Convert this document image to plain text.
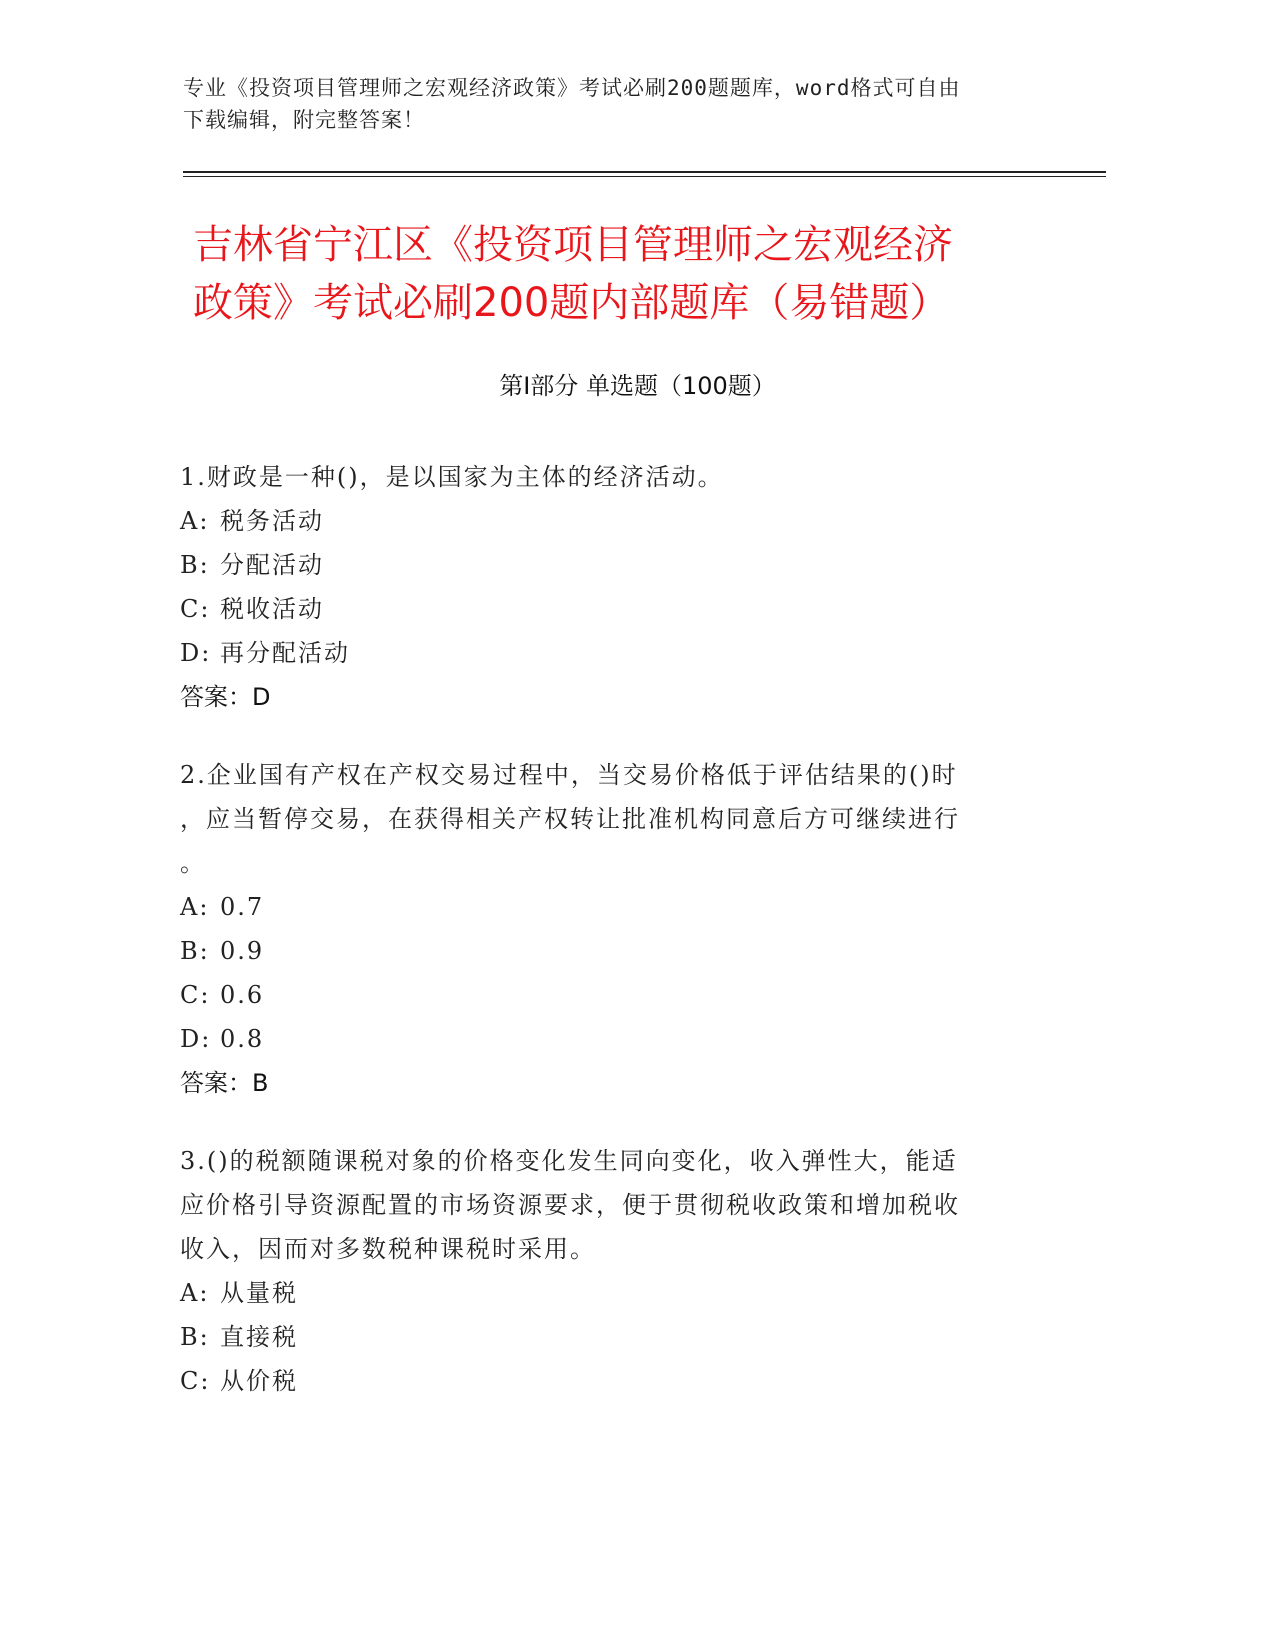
专业《投资项目管理师之宏观经济政策》考试必刷200题题库，word格式可自由
下载编辑，附完整答案！
吉林省宁江区《投资项目管理师之宏观经济
政策》考试必刷200题内部题库（易错题）
第Ⅰ部分 单选题（100题）
1.财政是一种()，是以国家为主体的经济活动。
A: 税务活动
B: 分配活动
C: 税收活动
D: 再分配活动
答案：D
2.企业国有产权在产权交易过程中，当交易价格低于评估结果的()时
，应当暂停交易，在获得相关产权转让批准机构同意后方可继续进行
。
A: 0.7
B: 0.9
C: 0.6
D: 0.8
答案：B
3.()的税额随课税对象的价格变化发生同向变化，收入弹性大，能适
应价格引导资源配置的市场资源要求，便于贯彻税收政策和增加税收
收入，因而对多数税种课税时采用。
A: 从量税
B: 直接税
C: 从价税
